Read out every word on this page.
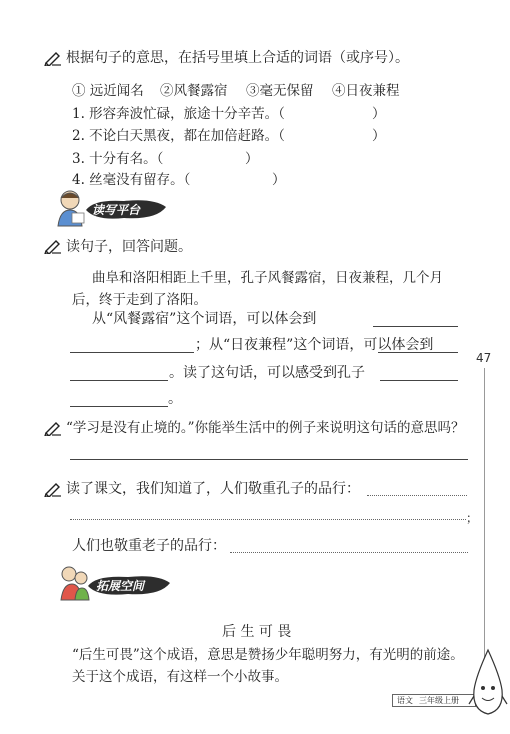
根据句子的意思，在括号里填上合适的词语（或序号）。
① 远近闻名 ②风餐露宿 ③毫无保留 ④日夜兼程
1. 形容奔波忙碌，旅途十分辛苦。（	）
2. 不论白天黑夜，都在加倍赶路。（	）
3. 十分有名。（	）
4. 丝毫没有留存。（	）
读写平台
读句子，回答问题。
曲阜和洛阳相距上千里，孔子风餐露宿，日夜兼程，几个月
后，终于走到了洛阳。
从“风餐露宿”这个词语，可以体会到
；从“日夜兼程”这个词语，可以体会到
。读了这句话，可以感受到孔子
。
47
“学习是没有止境的。”你能举生活中的例子来说明这句话的意思吗？
读了课文，我们知道了，人们敬重孔子的品行：
；
人们也敬重老子的品行：
拓展空间
后 生 可 畏
“后生可畏”这个成语，意思是赞扬少年聪明努力，有光明的前途。
关于这个成语，有这样一个小故事。
语文 三年级上册
